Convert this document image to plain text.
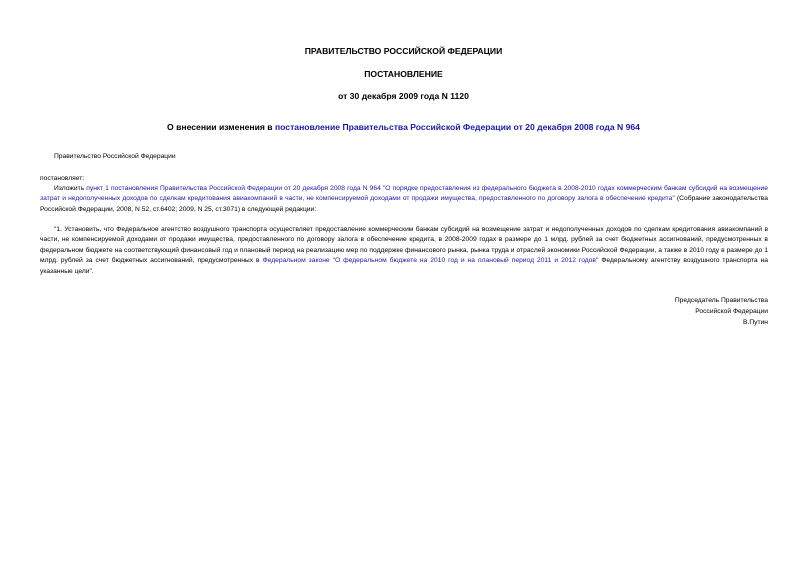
ПРАВИТЕЛЬСТВО РОССИЙСКОЙ ФЕДЕРАЦИИ
ПОСТАНОВЛЕНИЕ
от 30 декабря 2009 года N 1120
О внесении изменения в постановление Правительства Российской Федерации от 20 декабря 2008 года N 964
Правительство Российской Федерации
постановляет:
Изложить пункт 1 постановления Правительства Российской Федерации от 20 декабря 2008 года N 964 "О порядке предоставления из федерального бюджета в 2008-2010 годах коммерческим банкам субсидий на возмещение затрат и недополученных доходов по сделкам кредитования авиакомпаний в части, не компенсируемой доходами от продажи имущества, предоставленного по договору залога в обеспечение кредита" (Собрание законодательства Российской Федерации, 2008, N 52, ст.6402; 2009, N 25, ст.3071) в следующей редакции:
"1. Установить, что Федеральное агентство воздушного транспорта осуществляет предоставление коммерческим банкам субсидий на возмещение затрат и недополученных доходов по сделкам кредитования авиакомпаний в части, не компенсируемой доходами от продажи имущества, предоставленного по договору залога в обеспечение кредита, в 2008-2009 годах в размере до 1 млрд. рублей за счет бюджетных ассигнований, предусмотренных в федеральном бюджете на соответствующий финансовый год и плановый период на реализацию мер по поддержке финансового рынка, рынка труда и отраслей экономики Российской Федерации, а также в 2010 году в размере до 1 млрд. рублей за счет бюджетных ассигнований, предусмотренных в Федеральном законе "О федеральном бюджете на 2010 год и на плановый период 2011 и 2012 годов" Федеральному агентству воздушного транспорта на указанные цели".
Председатель Правительства
Российской Федерации
В.Путин
